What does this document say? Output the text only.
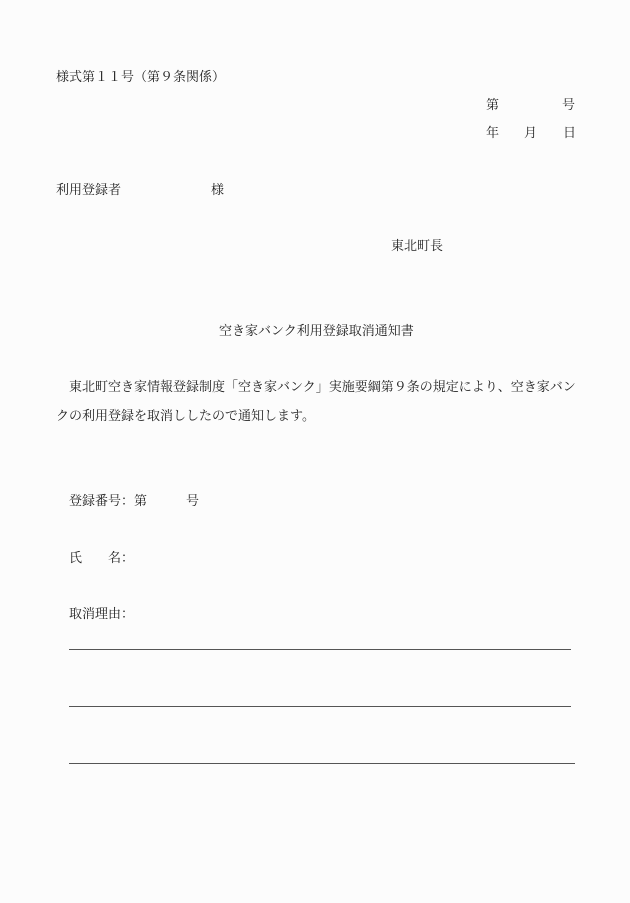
様式第１１号（第９条関係）
第	号
年 月 日
利用登録者	様
東北町長
空き家バンク利用登録取消通知書
　東北町空き家情報登録制度「空き家バンク」実施要綱第９条の規定により、空き家バン
クの利用登録を取消ししたので通知します。
登録番号：第	号
氏 名：
取消理由：
